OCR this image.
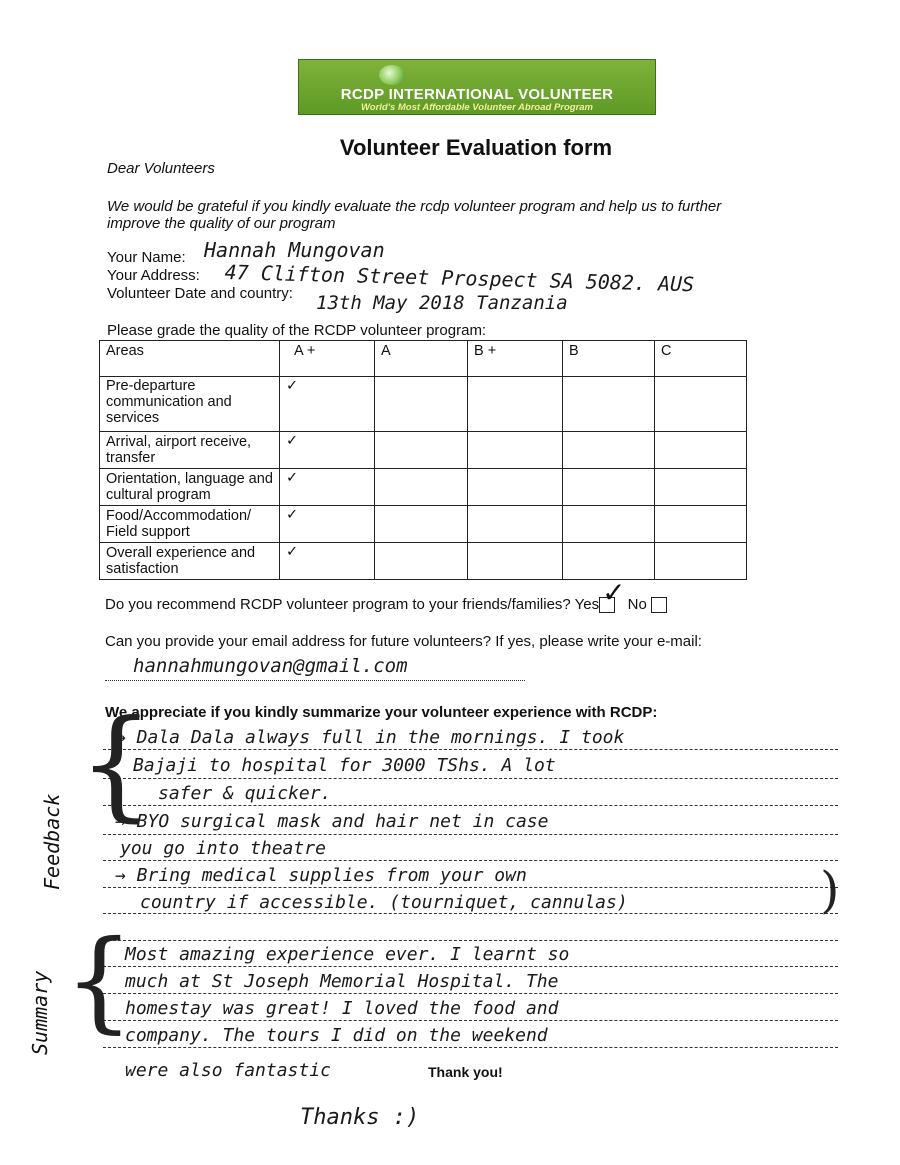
RCDP INTERNATIONAL VOLUNTEER
World's Most Affordable Volunteer Abroad Program
Volunteer Evaluation form
Dear Volunteers
We would be grateful if you kindly evaluate the rcdp volunteer program and help us to further
improve the quality of our program
Your Name: Hannah Mungovan
Your Address: 47 Clifton Street Prospect SA 5082. AUS
Volunteer Date and country: 13th May 2018 Tanzania
Please grade the quality of the RCDP volunteer program:
Areas	A +	A	B +	B	C
Pre-departure communication and services	✓				
Arrival, airport receive, transfer	✓				
Orientation, language and cultural program	✓				
Food/Accommodation/ Field support	✓				
Overall experience and satisfaction	✓				
Do you recommend RCDP volunteer program to your friends/families? Yes ✓ No
Can you provide your email address for future volunteers? If yes, please write your e-mail:
hannahmungovan@gmail.com
We appreciate if you kindly summarize your volunteer experience with RCDP:
→ Dala Dala always full in the mornings. I took
Bajaji to hospital for 3000 TShs. A lot
safer & quicker.
→ BYO surgical mask and hair net in case
you go into theatre
→ Bring medical supplies from your own
country if accessible. (tourniquet, cannulas)
Most amazing experience ever. I learnt so
much at St Joseph Memorial Hospital. The
homestay was great! I loved the food and
company. The tours I did on the weekend
were also fantastic	Thank you!
Thanks :)
Feedback
Summary
{
{
)
